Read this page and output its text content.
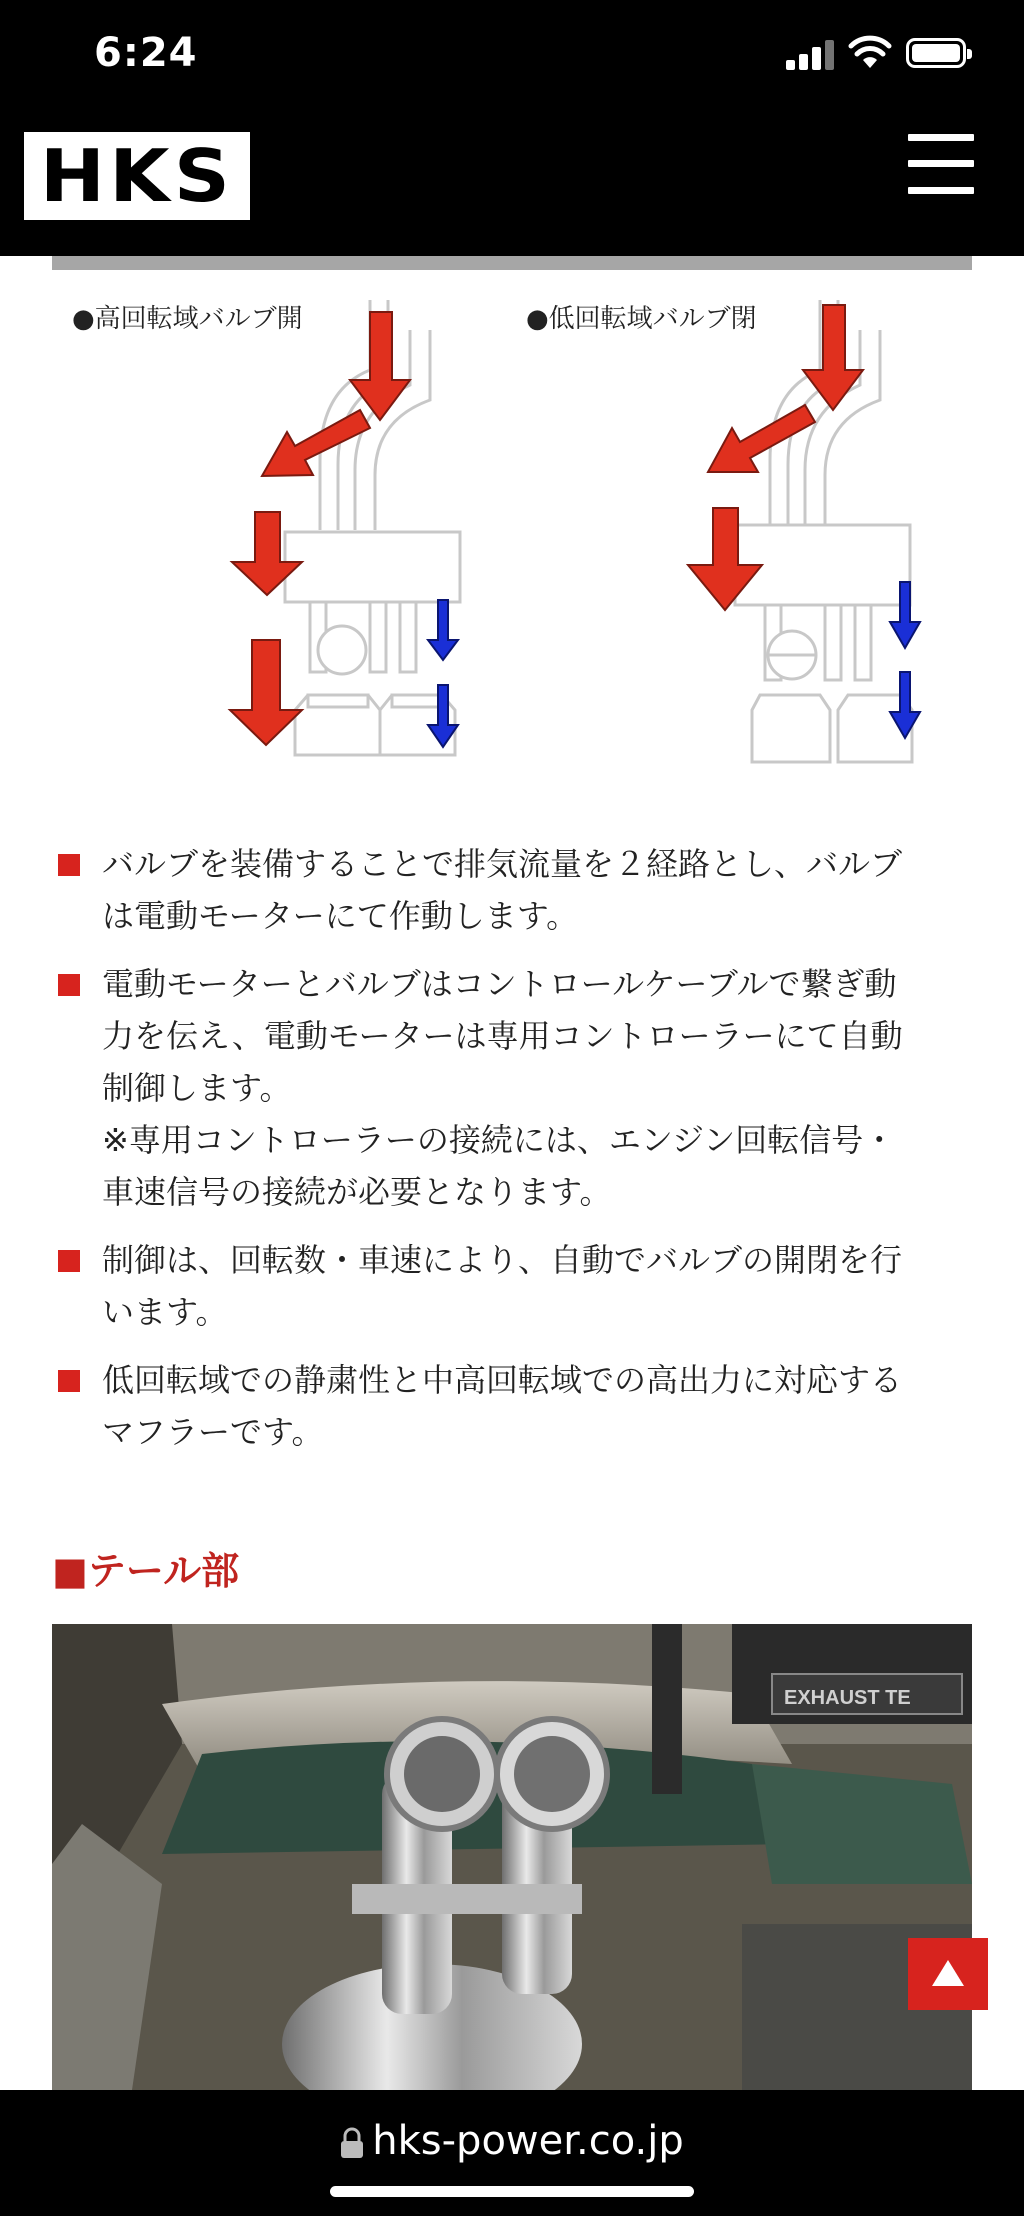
6:24
HKS
●高回転域バルブ開	●低回転域バルブ閉
バルブを装備することで排気流量を２経路とし、バルブ
は電動モーターにて作動します。
電動モーターとバルブはコントロールケーブルで繋ぎ動
力を伝え、電動モーターは専用コントローラーにて自動
制御します。
※専用コントローラーの接続には、エンジン回転信号・
車速信号の接続が必要となります。
制御は、回転数・車速により、自動でバルブの開閉を行
います。
低回転域での静粛性と中高回転域での高出力に対応する
マフラーです。
■テール部
EXHAUST TE
hks-power.co.jp
